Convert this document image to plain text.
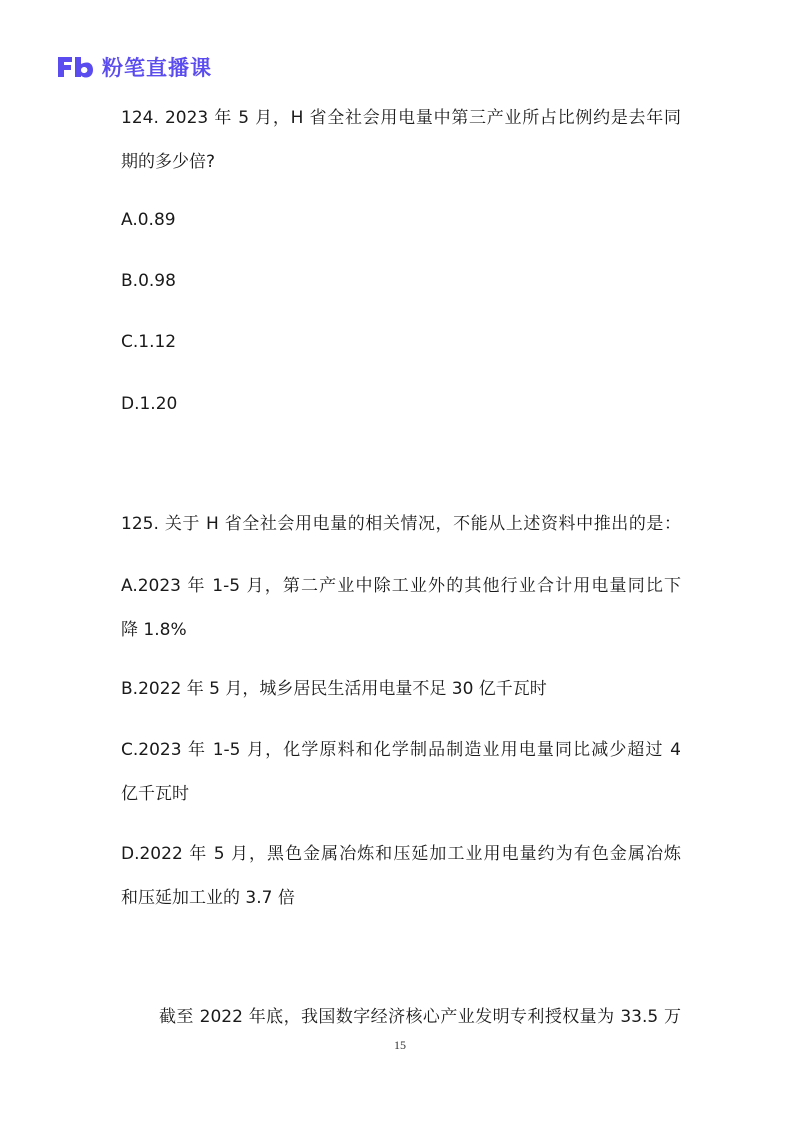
粉笔直播课
124. 2023 年 5 月，H 省全社会用电量中第三产业所占比例约是去年同
期的多少倍?
A.0.89
B.0.98
C.1.12
D.1.20
125. 关于 H 省全社会用电量的相关情况，不能从上述资料中推出的是：
A.2023 年 1-5 月，第二产业中除工业外的其他行业合计用电量同比下
降 1.8%
B.2022 年 5 月，城乡居民生活用电量不足 30 亿千瓦时
C.2023 年 1-5 月，化学原料和化学制品制造业用电量同比减少超过 4
亿千瓦时
D.2022 年 5 月，黑色金属冶炼和压延加工业用电量约为有色金属冶炼
和压延加工业的 3.7 倍
截至 2022 年底，我国数字经济核心产业发明专利授权量为 33.5 万
15
